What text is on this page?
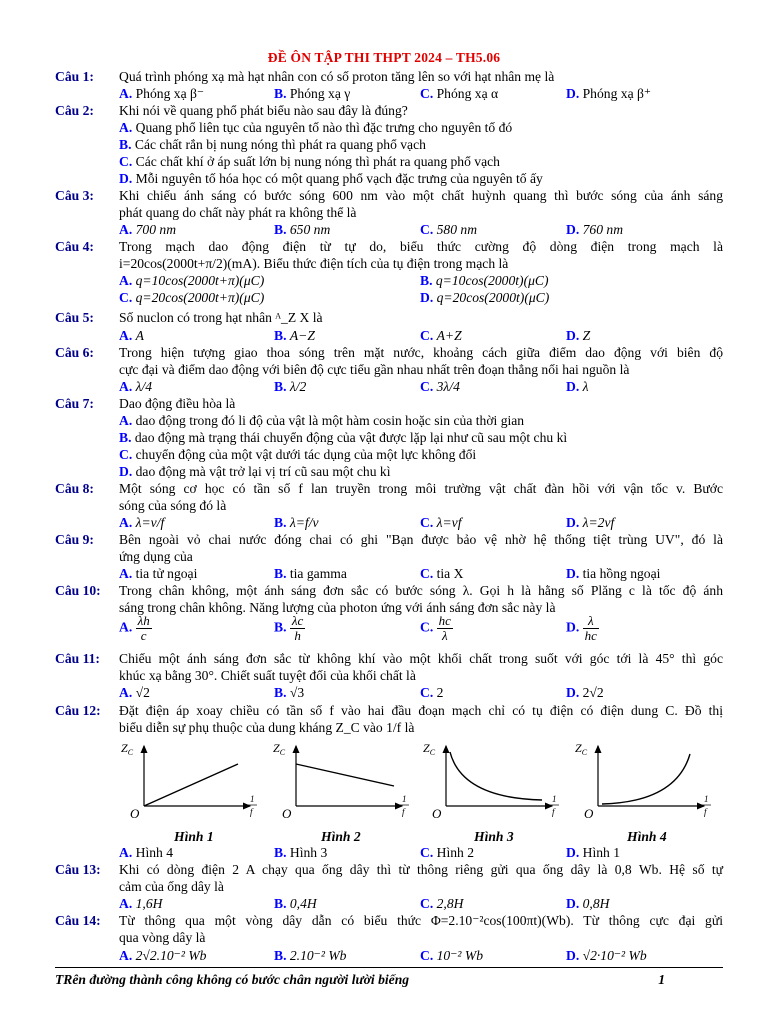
ĐỀ ÔN TẬP THI THPT 2024 – TH5.06
Câu 1: Quá trình phóng xạ mà hạt nhân con có số proton tăng lên so với hạt nhân mẹ là
A. Phóng xạ β⁻	B. Phóng xạ γ	C. Phóng xạ α	D. Phóng xạ β⁺
Câu 2: Khi nói về quang phổ phát biểu nào sau đây là đúng?
A. Quang phổ liên tục của nguyên tố nào thì đặc trưng cho nguyên tố đó
B. Các chất rắn bị nung nóng thì phát ra quang phổ vạch
C. Các chất khí ở áp suất lớn bị nung nóng thì phát ra quang phổ vạch
D. Mỗi nguyên tố hóa học có một quang phổ vạch đặc trưng của nguyên tố ấy
Câu 3: Khi chiếu ánh sáng có bước sóng 600 nm vào một chất huỳnh quang thì bước sóng của ánh sáng
phát quang do chất này phát ra không thể là
A. 700 nm	B. 650 nm	C. 580 nm	D. 760 nm
Câu 4: Trong mạch dao động điện từ tự do, biểu thức cường độ dòng điện trong mạch là
i=20cos(2000t+π/2)(mA). Biểu thức điện tích của tụ điện trong mạch là
A. q=10cos(2000t+π)(μC)	B. q=10cos(2000t)(μC)
C. q=20cos(2000t+π)(μC)	D. q=20cos(2000t)(μC)
Câu 5: Số nuclon có trong hạt nhân ᴬ_Z X là
A. A	B. A−Z	C. A+Z	D. Z
Câu 6: Trong hiện tượng giao thoa sóng trên mặt nước, khoảng cách giữa điểm dao động với biên độ
cực đại và điểm dao động với biên độ cực tiểu gần nhau nhất trên đoạn thẳng nối hai nguồn là
A. λ/4	B. λ/2	C. 3λ/4	D. λ
Câu 7: Dao động điều hòa là
A. dao động trong đó li độ của vật là một hàm cosin hoặc sin của thời gian
B. dao động mà trạng thái chuyển động của vật được lặp lại như cũ sau một chu kì
C. chuyển động của một vật dưới tác dụng của một lực không đổi
D. dao động mà vật trở lại vị trí cũ sau một chu kì
Câu 8: Một sóng cơ học có tần số f lan truyền trong môi trường vật chất đàn hồi với vận tốc v. Bước
sóng của sóng đó là
A. λ=v/f	B. λ=f/v	C. λ=vf	D. λ=2vf
Câu 9: Bên ngoài vỏ chai nước đóng chai có ghi "Bạn được bảo vệ nhờ hệ thống tiệt trùng UV", đó là
ứng dụng của
A. tia tử ngoại	B. tia gamma	C. tia X	D. tia hồng ngoại
Câu 10: Trong chân không, một ánh sáng đơn sắc có bước sóng λ. Gọi h là hằng số Plăng c là tốc độ ánh
sáng trong chân không. Năng lượng của photon ứng với ánh sáng đơn sắc này là
A. $\frac{\lambda h}{c}$	B. $\frac{\lambda c}{h}$	C. $\frac{hc}{\lambda}$	D. $\frac{\lambda}{hc}$
Câu 11: Chiếu một ánh sáng đơn sắc từ không khí vào một khối chất trong suốt với góc tới là 45° thì góc
khúc xạ bằng 30°. Chiết suất tuyệt đối của khối chất là
A. √2	B. √3	C. 2	D. 2√2
Câu 12: Đặt điện áp xoay chiều có tần số f vào hai đầu đoạn mạch chỉ có tụ điện có điện dung C. Đồ thị
biểu diễn sự phụ thuộc của dung kháng Z_C vào 1/f là
$Z_C$
O
1
f
$Z_C$
O
1
f
$Z_C$
O
1
f
$Z_C$
O
1
f
Hình 1	Hình 2	Hình 3	Hình 4
A. Hình 4	B. Hình 3	C. Hình 2	D. Hình 1
Câu 13: Khi có dòng điện 2 A chạy qua ống dây thì từ thông riêng gửi qua ống dây là 0,8 Wb. Hệ số tự
cảm của ống dây là
A. 1,6H	B. 0,4H	C. 2,8H	D. 0,8H
Câu 14: Từ thông qua một vòng dây dẫn có biểu thức Φ=2.10⁻²cos(100πt)(Wb). Từ thông cực đại gửi
qua vòng dây là
A. 2√2.10⁻² Wb	B. 2.10⁻² Wb	C. 10⁻² Wb	D. √2·10⁻² Wb
TRên đường thành công không có bước chân người lười biếng	1
